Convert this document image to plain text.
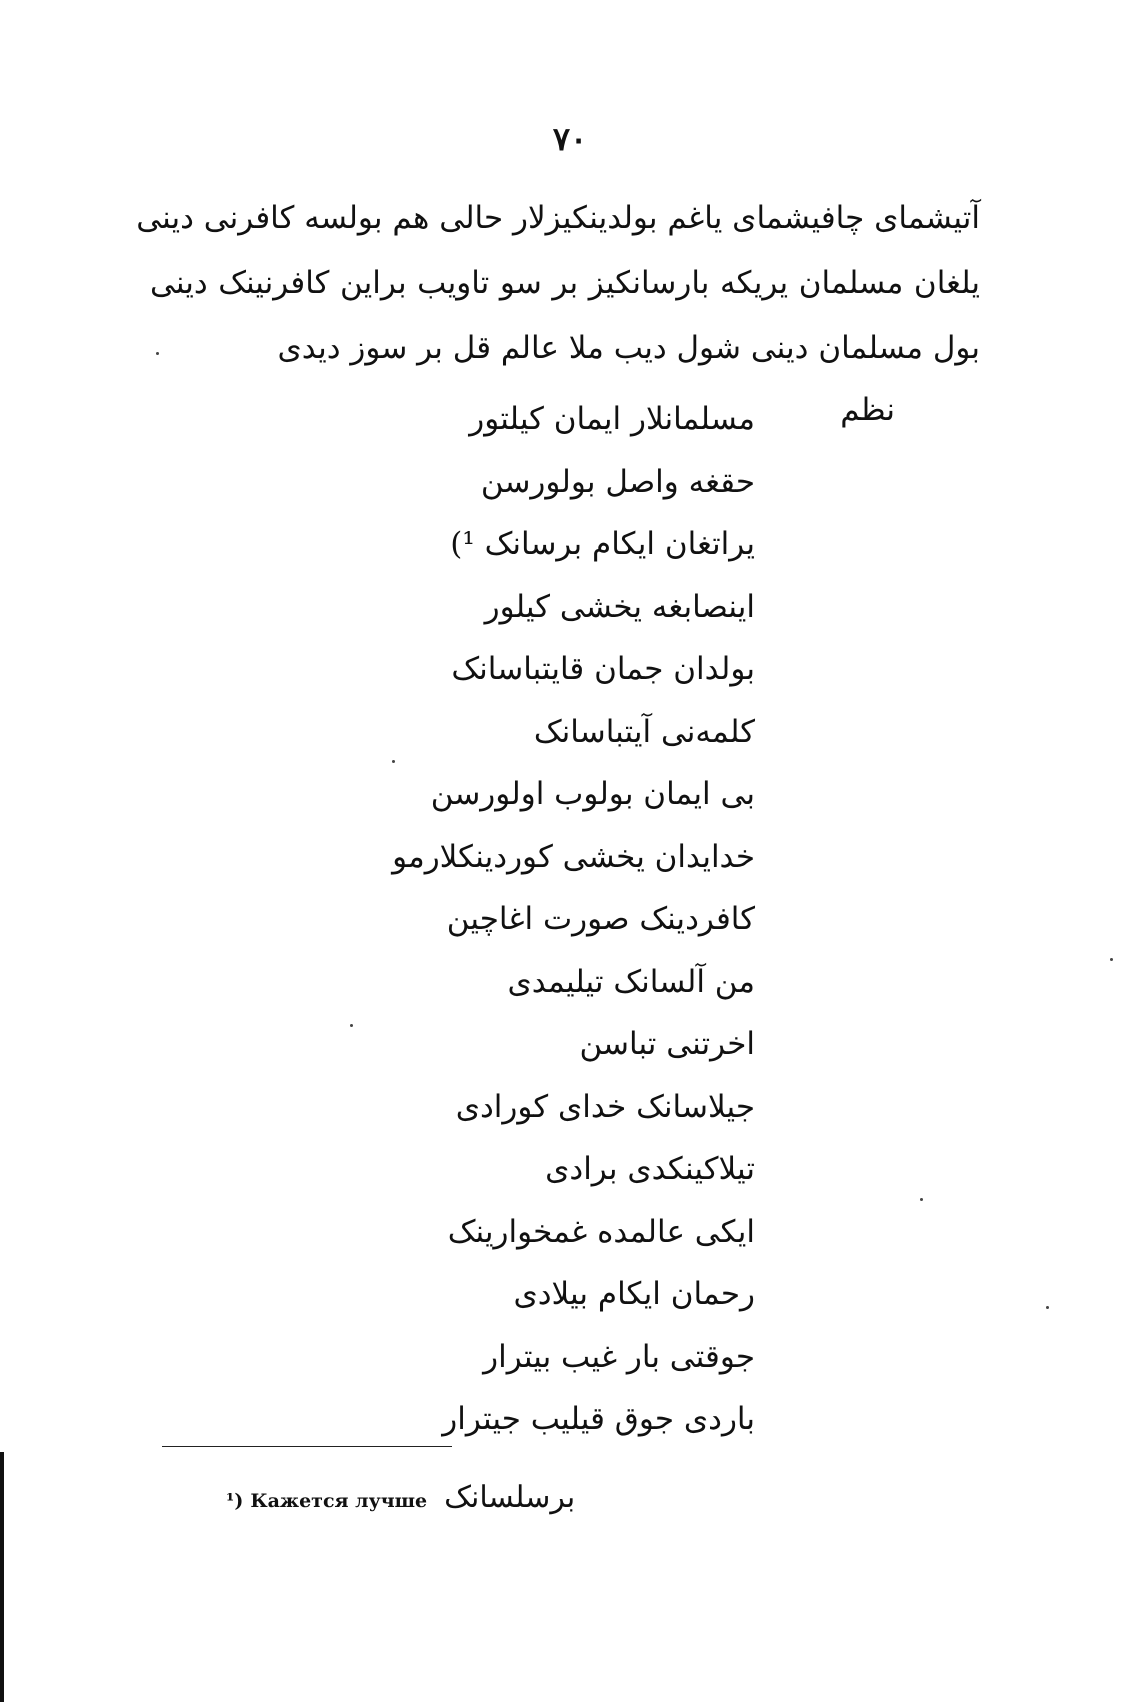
٧٠
آتیشمای چافیشمای یاغم بولدینکیزلار حالی هم بولسه کافرنی دینی
یلغان مسلمان یریکه بارسانکیز بر سو تاویب براین کافرنینک دینی
بول مسلمان دینی شول دیب ملا عالم قل بر سوز دیدی
نظم
مسلمانلار ایمان کیلتور
حقغه واصل بولورسن
یراتغان ایکام برسانک ¹)
اینصابغه یخشی کیلور
بولدان جمان قایتباسانک
کلمه‌نی آیتباسانک
بی ایمان بولوب اولورسن
خدایدان یخشی کوردینکلارمو
کافردینک صورت اغاچین
من آلسانک تیلیمدی
اخرتنی تباسن
جیلاسانک خدای کورادی
تیلاکینکدی برادی
ایکی عالمده غمخوارینک
رحمان ایکام بیلادی
جوقتی بار غیب بیترار
باردی جوق قیلیب جیترار
¹) Кажется лучше برسلسانک
